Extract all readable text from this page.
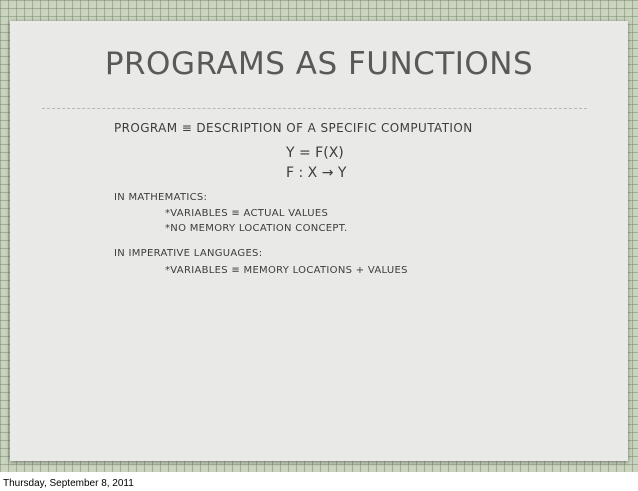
PROGRAMS AS FUNCTIONS

PROGRAM ≡ DESCRIPTION OF A SPECIFIC COMPUTATION

Y = F(X)

F : X → Y

IN MATHEMATICS:

*VARIABLES ≡ ACTUAL VALUES

*NO MEMORY LOCATION CONCEPT.

IN IMPERATIVE LANGUAGES:

*VARIABLES ≡ MEMORY LOCATIONS + VALUES

Thursday, September 8, 2011
